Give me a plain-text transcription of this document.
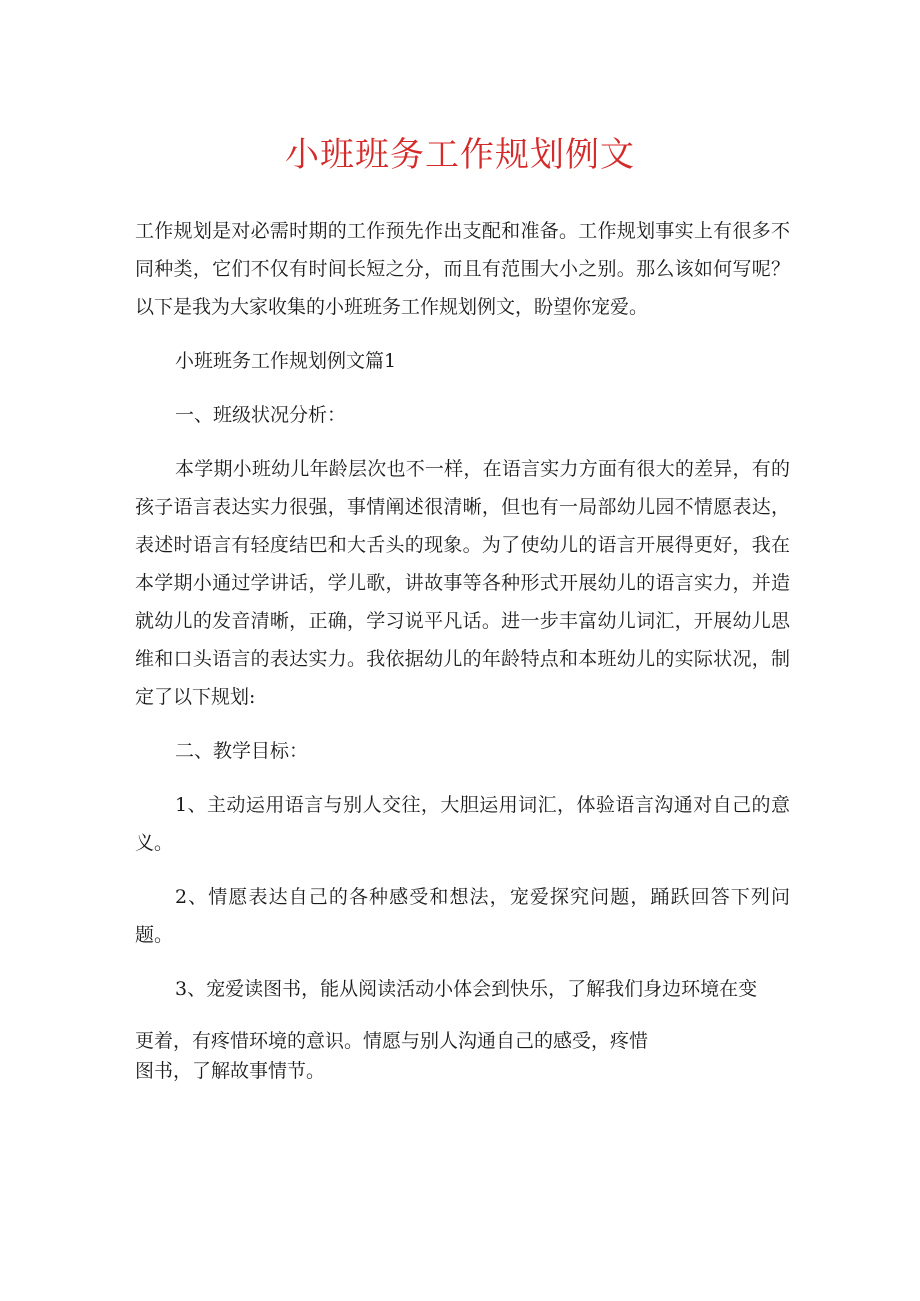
小班班务工作规划例文

工作规划是对必需时期的工作预先作出支配和准备。工作规划事实上有很多不同种类，它们不仅有时间长短之分，而且有范围大小之别。那么该如何写呢？以下是我为大家收集的小班班务工作规划例文，盼望你宠爱。

小班班务工作规划例文篇1

一、班级状况分析：

本学期小班幼儿年龄层次也不一样，在语言实力方面有很大的差异，有的孩子语言表达实力很强，事情阐述很清晰，但也有一局部幼儿园不情愿表达，表述时语言有轻度结巴和大舌头的现象。为了使幼儿的语言开展得更好，我在本学期小通过学讲话，学儿歌，讲故事等各种形式开展幼儿的语言实力，并造就幼儿的发音清晰，正确，学习说平凡话。进一步丰富幼儿词汇，开展幼儿思维和口头语言的表达实力。我依据幼儿的年龄特点和本班幼儿的实际状况，制定了以下规划:

二、教学目标：

1、主动运用语言与别人交往，大胆运用词汇，体验语言沟通对自己的意义。

2、情愿表达自己的各种感受和想法，宠爱探究问题，踊跃回答下列问题。

3、宠爱读图书，能从阅读活动小体会到快乐，了解我们身边环境在变
更着，有疼惜环境的意识。情愿与别人沟通自己的感受，疼惜
图书，了解故事情节。
